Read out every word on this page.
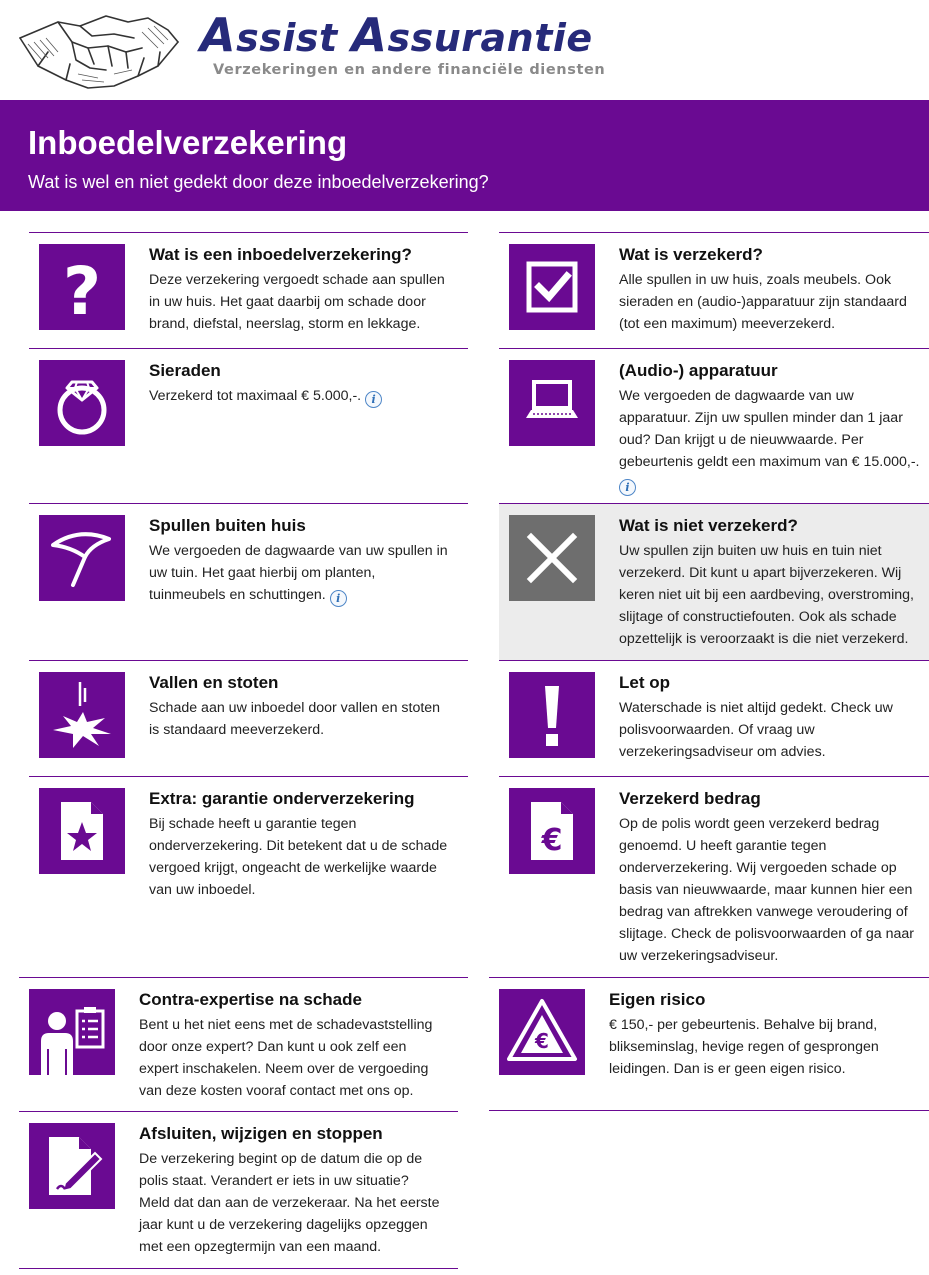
Assist Assurantie
Verzekeringen en andere financiële diensten
Inboedelverzekering
Wat is wel en niet gedekt door deze inboedelverzekering?
?	Wat is een inboedelverzekering?
Deze verzekering vergoedt schade aan spullen
in uw huis. Het gaat daarbij om schade door
brand, diefstal, neerslag, storm en lekkage.
Wat is verzekerd?
Alle spullen in uw huis, zoals meubels. Ook
sieraden en (audio-)apparatuur zijn standaard
(tot een maximum) meeverzekerd.
Sieraden
Verzekerd tot maximaal € 5.000,-. i
(Audio-) apparatuur
We vergoeden de dagwaarde van uw
apparatuur. Zijn uw spullen minder dan 1 jaar
oud? Dan krijgt u de nieuwwaarde. Per
gebeurtenis geldt een maximum van € 15.000,-.
i
Spullen buiten huis
We vergoeden de dagwaarde van uw spullen in
uw tuin. Het gaat hierbij om planten,
tuinmeubels en schuttingen. i
Wat is niet verzekerd?
Uw spullen zijn buiten uw huis en tuin niet
verzekerd. Dit kunt u apart bijverzekeren. Wij
keren niet uit bij een aardbeving, overstroming,
slijtage of constructiefouten. Ook als schade
opzettelijk is veroorzaakt is die niet verzekerd.
Vallen en stoten
Schade aan uw inboedel door vallen en stoten
is standaard meeverzekerd.
Let op
Waterschade is niet altijd gedekt. Check uw
polisvoorwaarden. Of vraag uw
verzekeringsadviseur om advies.
Extra: garantie onderverzekering
Bij schade heeft u garantie tegen
onderverzekering. Dit betekent dat u de schade
vergoed krijgt, ongeacht de werkelijke waarde
van uw inboedel.
€
Verzekerd bedrag
Op de polis wordt geen verzekerd bedrag
genoemd. U heeft garantie tegen
onderverzekering. Wij vergoeden schade op
basis van nieuwwaarde, maar kunnen hier een
bedrag van aftrekken vanwege veroudering of
slijtage. Check de polisvoorwaarden of ga naar
uw verzekeringsadviseur.
Contra-expertise na schade
Bent u het niet eens met de schadevaststelling
door onze expert? Dan kunt u ook zelf een
expert inschakelen. Neem over de vergoeding
van deze kosten vooraf contact met ons op.
€
Eigen risico
€ 150,- per gebeurtenis. Behalve bij brand,
blikseminslag, hevige regen of gesprongen
leidingen. Dan is er geen eigen risico.
Afsluiten, wijzigen en stoppen
De verzekering begint op de datum die op de
polis staat. Verandert er iets in uw situatie?
Meld dat dan aan de verzekeraar. Na het eerste
jaar kunt u de verzekering dagelijks opzeggen
met een opzegtermijn van een maand.
